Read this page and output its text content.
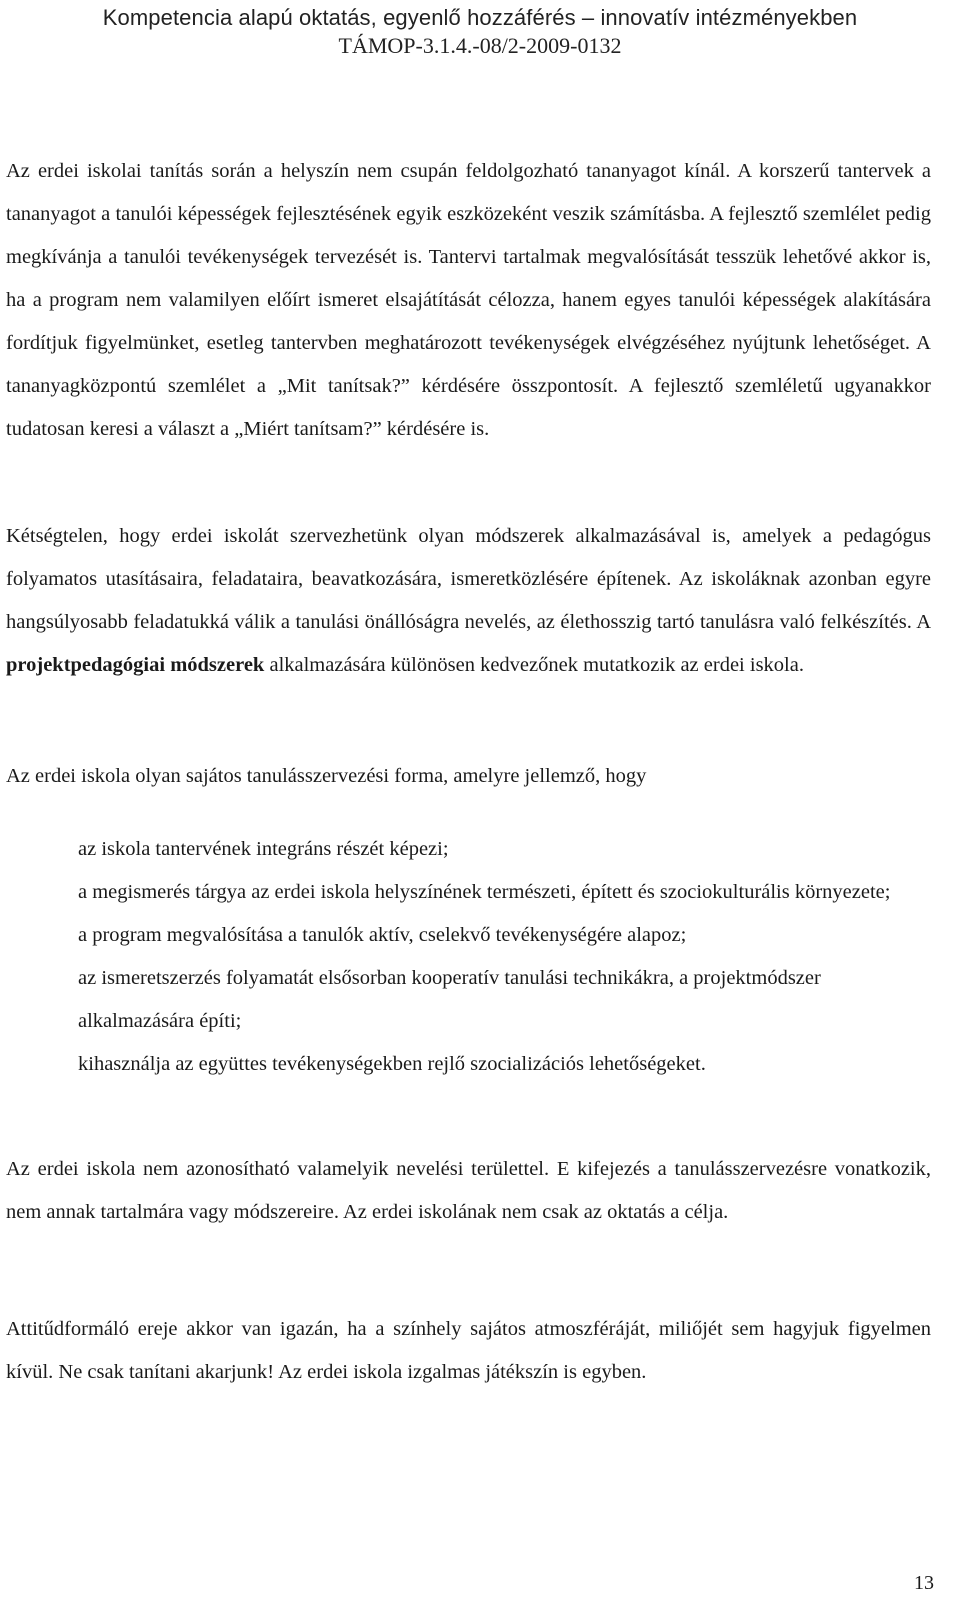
Kompetencia alapú oktatás, egyenlő hozzáférés – innovatív intézményekben
TÁMOP-3.1.4.-08/2-2009-0132

Az erdei iskolai tanítás során a helyszín nem csupán feldolgozható tananyagot kínál. A korszerű tantervek a tananyagot a tanulói képességek fejlesztésének egyik eszközeként veszik számításba. A fejlesztő szemlélet pedig megkívánja a tanulói tevékenységek tervezését is. Tantervi tartalmak megvalósítását tesszük lehetővé akkor is, ha a program nem valamilyen előírt ismeret elsajátítását célozza, hanem egyes tanulói képességek alakítására fordítjuk figyelmünket, esetleg tantervben meghatározott tevékenységek elvégzéséhez nyújtunk lehetőséget. A tananyagközpontú szemlélet a „Mit tanítsak?” kérdésére összpontosít. A fejlesztő szemléletű ugyanakkor tudatosan keresi a választ a „Miért tanítsam?” kérdésére is.

Kétségtelen, hogy erdei iskolát szervezhetünk olyan módszerek alkalmazásával is, amelyek a pedagógus folyamatos utasításaira, feladataira, beavatkozására, ismeretközlésére építenek. Az iskoláknak azonban egyre hangsúlyosabb feladatukká válik a tanulási önállóságra nevelés, az élethosszig tartó tanulásra való felkészítés. A projektpedagógiai módszerek alkalmazására különösen kedvezőnek mutatkozik az erdei iskola.

Az erdei iskola olyan sajátos tanulásszervezési forma, amelyre jellemző, hogy

az iskola tantervének integráns részét képezi;
a megismerés tárgya az erdei iskola helyszínének természeti, épített és szociokulturális környezete;
a program megvalósítása a tanulók aktív, cselekvő tevékenységére alapoz;
az ismeretszerzés folyamatát elsősorban kooperatív tanulási technikákra, a projektmódszer alkalmazására építi;
kihasználja az együttes tevékenységekben rejlő szocializációs lehetőségeket.

Az erdei iskola nem azonosítható valamelyik nevelési területtel. E kifejezés a tanulásszervezésre vonatkozik, nem annak tartalmára vagy módszereire. Az erdei iskolának nem csak az oktatás a célja.

Attitűdformáló ereje akkor van igazán, ha a színhely sajátos atmoszféráját, miliőjét sem hagyjuk figyelmen kívül. Ne csak tanítani akarjunk! Az erdei iskola izgalmas játékszín is egyben.

13
